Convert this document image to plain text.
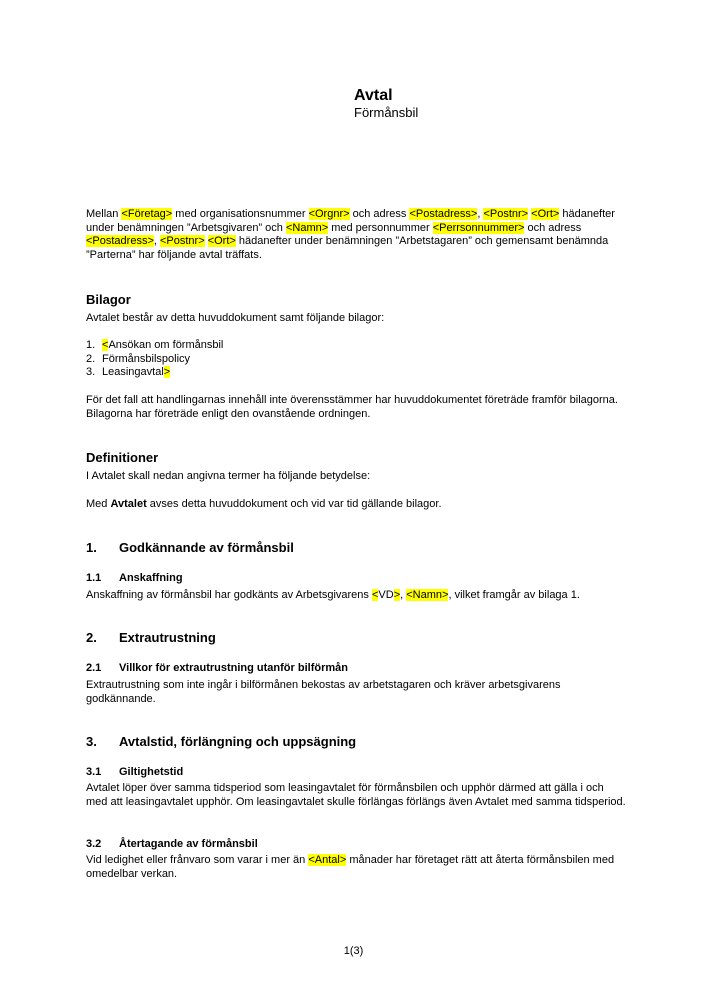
Avtal
Förmånsbil

Mellan <Företag> med organisationsnummer <Orgnr> och adress <Postadress>, <Postnr> <Ort> hädanefter under benämningen ”Arbetsgivaren” och <Namn> med personnummer <Perrsonnummer> och adress <Postadress>, <Postnr> <Ort> hädanefter under benämningen ”Arbetstagaren” och gemensamt benämnda ”Parterna” har följande avtal träffats.

Bilagor

Avtalet består av detta huvuddokument samt följande bilagor:

1. <Ansökan om förmånsbil
2. Förmånsbilspolicy
3. Leasingavtal>

För det fall att handlingarnas innehåll inte överensstämmer har huvuddokumentet företräde framför bilagorna. Bilagorna har företräde enligt den ovanstående ordningen.

Definitioner

I Avtalet skall nedan angivna termer ha följande betydelse:

Med Avtalet avses detta huvuddokument och vid var tid gällande bilagor.

1. Godkännande av förmånsbil
1.1 Anskaffning

Anskaffning av förmånsbil har godkänts av Arbetsgivarens <VD>, <Namn>, vilket framgår av bilaga 1.

2. Extrautrustning
2.1 Villkor för extrautrustning utanför bilförmån

Extrautrustning som inte ingår i bilförmånen bekostas av arbetstagaren och kräver arbetsgivarens godkännande.

3. Avtalstid, förlängning och uppsägning
3.1 Giltighetstid

Avtalet löper över samma tidsperiod som leasingavtalet för förmånsbilen och upphör därmed att gälla i och med att leasingavtalet upphör. Om leasingavtalet skulle förlängas förlängs även Avtalet med samma tidsperiod.

3.2 Återtagande av förmånsbil

Vid ledighet eller frånvaro som varar i mer än <Antal> månader har företaget rätt att återta förmånsbilen med omedelbar verkan.

1(3)
